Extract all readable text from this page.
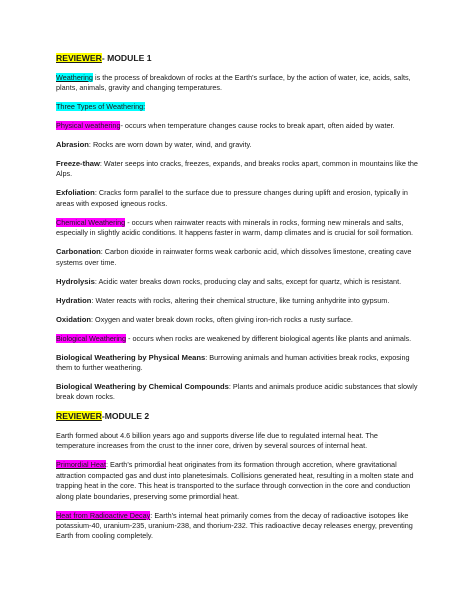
REVIEWER- MODULE 1

Weathering is the process of breakdown of rocks at the Earth's surface, by the action of water, ice, acids, salts, plants, animals, gravity and changing temperatures.

Three Types of Weathering:

Physical weathering- occurs when temperature changes cause rocks to break apart, often aided by water.

Abrasion: Rocks are worn down by water, wind, and gravity.

Freeze-thaw: Water seeps into cracks, freezes, expands, and breaks rocks apart, common in mountains like the Alps.

Exfoliation: Cracks form parallel to the surface due to pressure changes during uplift and erosion, typically in areas with exposed igneous rocks.

Chemical Weathering - occurs when rainwater reacts with minerals in rocks, forming new minerals and salts, especially in slightly acidic conditions. It happens faster in warm, damp climates and is crucial for soil formation.

Carbonation: Carbon dioxide in rainwater forms weak carbonic acid, which dissolves limestone, creating cave systems over time.

Hydrolysis: Acidic water breaks down rocks, producing clay and salts, except for quartz, which is resistant.

Hydration: Water reacts with rocks, altering their chemical structure, like turning anhydrite into gypsum.

Oxidation: Oxygen and water break down rocks, often giving iron-rich rocks a rusty surface.

Biological Weathering - occurs when rocks are weakened by different biological agents like plants and animals.

Biological Weathering by Physical Means: Burrowing animals and human activities break rocks, exposing them to further weathering.

Biological Weathering by Chemical Compounds: Plants and animals produce acidic substances that slowly break down rocks.

REVIEWER-MODULE 2

Earth formed about 4.6 billion years ago and supports diverse life due to regulated internal heat. The temperature increases from the crust to the inner core, driven by several sources of internal heat.

Primordial Heat: Earth's primordial heat originates from its formation through accretion, where gravitational attraction compacted gas and dust into planetesimals. Collisions generated heat, resulting in a molten state and trapping heat in the core. This heat is transported to the surface through convection in the core and conduction along plate boundaries, preserving some primordial heat.

Heat from Radioactive Decay: Earth's internal heat primarily comes from the decay of radioactive isotopes like potassium-40, uranium-235, uranium-238, and thorium-232. This radioactive decay releases energy, preventing Earth from cooling completely.
